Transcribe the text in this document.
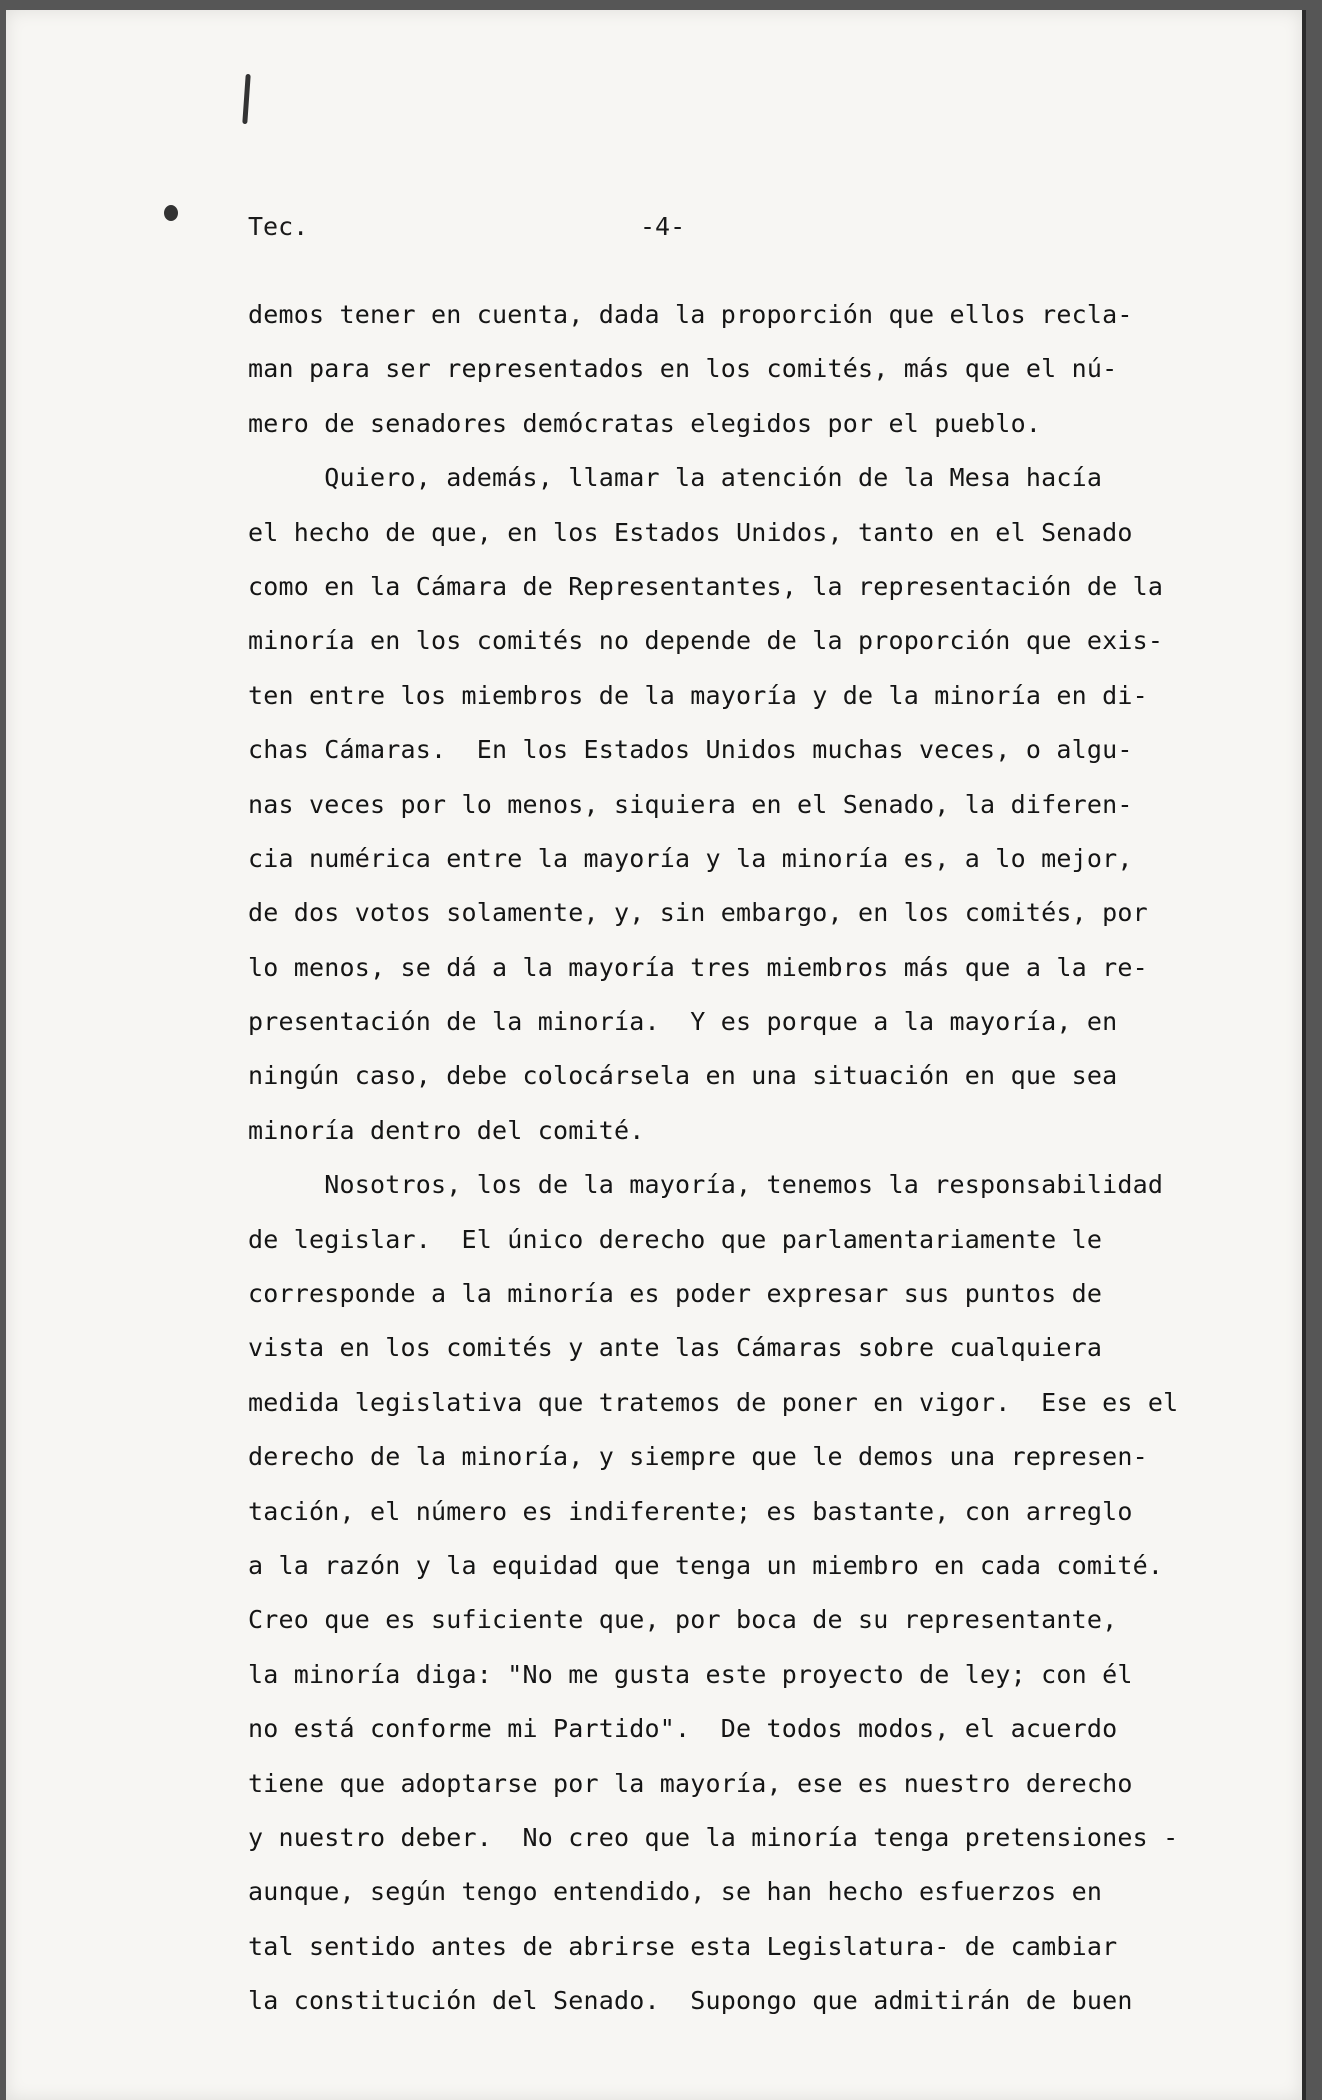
Tec.	-4-
demos tener en cuenta, dada la proporción que ellos recla-
man para ser representados en los comités, más que el nú-
mero de senadores demócratas elegidos por el pueblo.
Quiero, además, llamar la atención de la Mesa hacía
el hecho de que, en los Estados Unidos, tanto en el Senado
como en la Cámara de Representantes, la representación de la
minoría en los comités no depende de la proporción que exis-
ten entre los miembros de la mayoría y de la minoría en di-
chas Cámaras.  En los Estados Unidos muchas veces, o algu-
nas veces por lo menos, siquiera en el Senado, la diferen-
cia numérica entre la mayoría y la minoría es, a lo mejor,
de dos votos solamente, y, sin embargo, en los comités, por
lo menos, se dá a la mayoría tres miembros más que a la re-
presentación de la minoría.  Y es porque a la mayoría, en
ningún caso, debe colocársela en una situación en que sea
minoría dentro del comité.
Nosotros, los de la mayoría, tenemos la responsabilidad
de legislar.  El único derecho que parlamentariamente le
corresponde a la minoría es poder expresar sus puntos de
vista en los comités y ante las Cámaras sobre cualquiera
medida legislativa que tratemos de poner en vigor.  Ese es el
derecho de la minoría, y siempre que le demos una represen-
tación, el número es indiferente; es bastante, con arreglo
a la razón y la equidad que tenga un miembro en cada comité.
Creo que es suficiente que, por boca de su representante,
la minoría diga: "No me gusta este proyecto de ley; con él
no está conforme mi Partido".  De todos modos, el acuerdo
tiene que adoptarse por la mayoría, ese es nuestro derecho
y nuestro deber.  No creo que la minoría tenga pretensiones -
aunque, según tengo entendido, se han hecho esfuerzos en
tal sentido antes de abrirse esta Legislatura- de cambiar
la constitución del Senado.  Supongo que admitirán de buen
